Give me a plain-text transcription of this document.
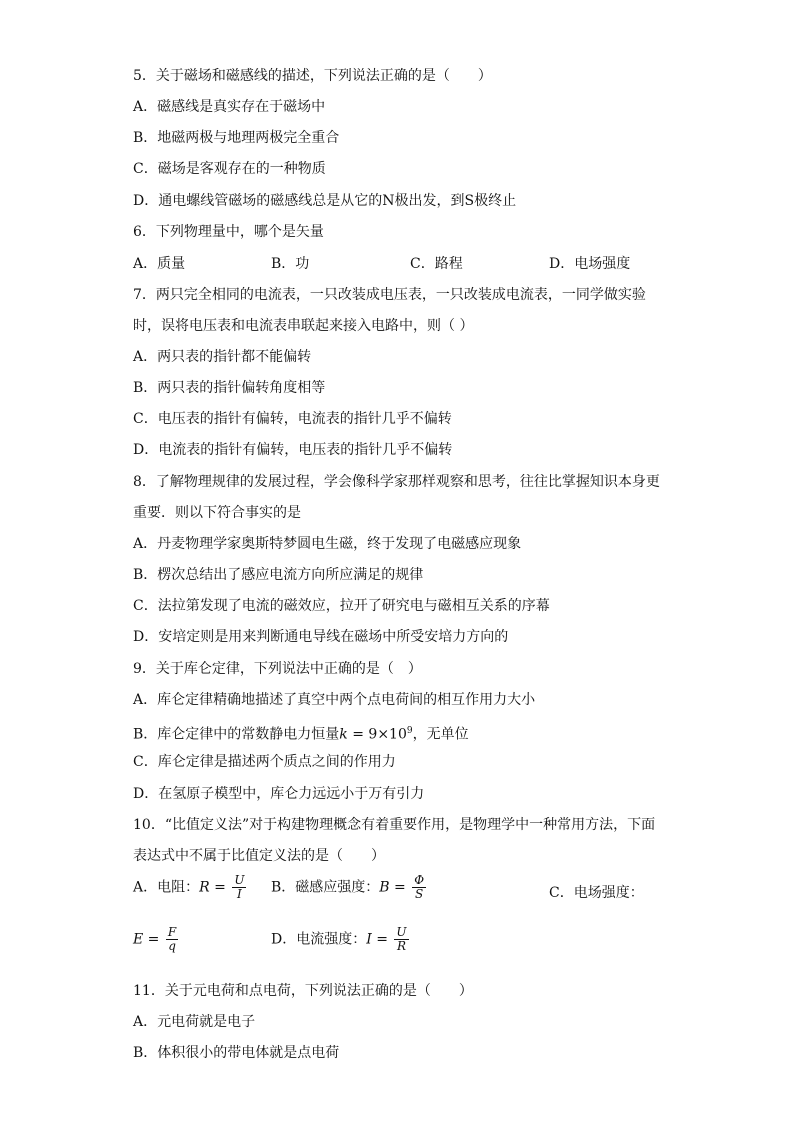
5．关于磁场和磁感线的描述，下列说法正确的是（　　）
A．磁感线是真实存在于磁场中
B．地磁两极与地理两极完全重合
C．磁场是客观存在的一种物质
D．通电螺线管磁场的磁感线总是从它的N极出发，到S极终止
6．下列物理量中，哪个是矢量
A．质量	B．功	C．路程	D．电场强度
7．两只完全相同的电流表，一只改装成电压表，一只改装成电流表，一同学做实验
时，误将电压表和电流表串联起来接入电路中，则（ ）
A．两只表的指针都不能偏转
B．两只表的指针偏转角度相等
C．电压表的指针有偏转，电流表的指针几乎不偏转
D．电流表的指针有偏转，电压表的指针几乎不偏转
8．了解物理规律的发展过程，学会像科学家那样观察和思考，往往比掌握知识本身更
重要．则以下符合事实的是
A．丹麦物理学家奥斯特梦圆电生磁，终于发现了电磁感应现象
B．楞次总结出了感应电流方向所应满足的规律
C．法拉第发现了电流的磁效应，拉开了研究电与磁相互关系的序幕
D．安培定则是用来判断通电导线在磁场中所受安培力方向的
9．关于库仑定律，下列说法中正确的是（　）
A．库仑定律精确地描述了真空中两个点电荷间的相互作用力大小
B．库仑定律中的常数静电力恒量$k = 9\times 10^9$，无单位
C．库仑定律是描述两个质点之间的作用力
D．在氢原子模型中，库仑力远远小于万有引力
10．“比值定义法”对于构建物理概念有着重要作用，是物理学中一种常用方法，下面
表达式中不属于比值定义法的是（　　）
A．电阻：$R = \frac{U}{I}$ B．磁感应强度：$B = \frac{\Phi}{S}$	C．电场强度：
$E = \frac{F}{q}$	D．电流强度：$I = \frac{U}{R}$
11．关于元电荷和点电荷，下列说法正确的是（　　）
A．元电荷就是电子
B．体积很小的带电体就是点电荷
